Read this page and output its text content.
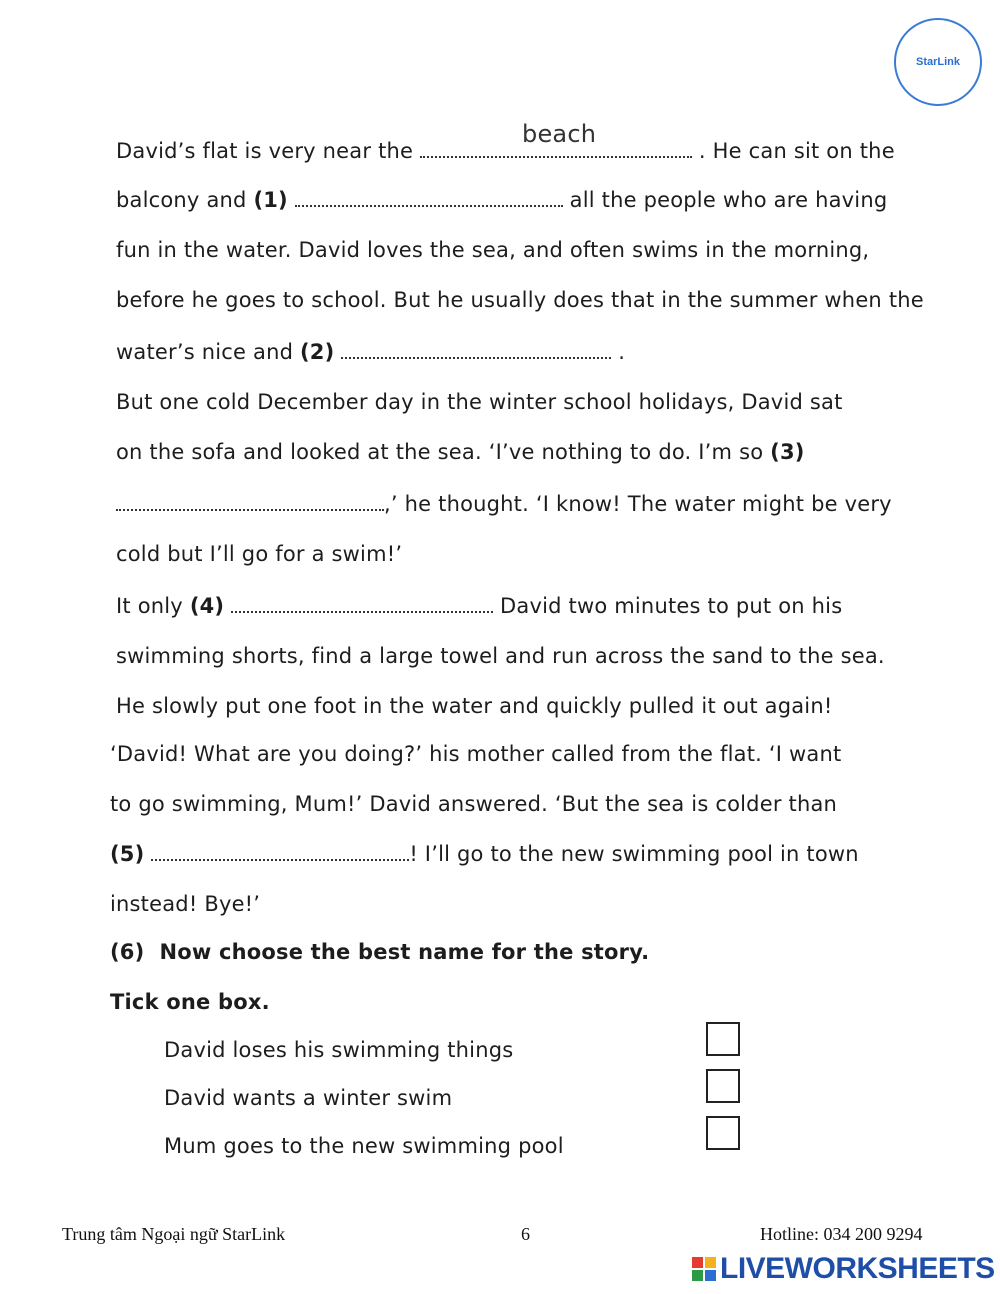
StarLink
David’s flat is very near the
beach
. He can sit on the
balcony and (1)	all the people who are having
fun in the water. David loves the sea, and often swims in the morning,
before he goes to school. But he usually does that in the summer when the
water’s nice and (2)	.
But one cold December day in the winter school holidays, David sat
on the sofa and looked at the sea. ‘I’ve nothing to do. I’m so (3)
,’ he thought. ‘I know! The water might be very
cold but I’ll go for a swim!’
It only (4)	David two minutes to put on his
swimming shorts, find a large towel and run across the sand to the sea.
He slowly put one foot in the water and quickly pulled it out again!
‘David! What are you doing?’ his mother called from the flat. ‘I want
to go swimming, Mum!’ David answered. ‘But the sea is colder than
(5)	! I’ll go to the new swimming pool in town
instead! Bye!’
(6) Now choose the best name for the story.
Tick one box.
David loses his swimming things
David wants a winter swim
Mum goes to the new swimming pool
Trung tâm Ngoại ngữ StarLink	6	Hotline: 034 200 9294
LIVEWORKSHEETS
